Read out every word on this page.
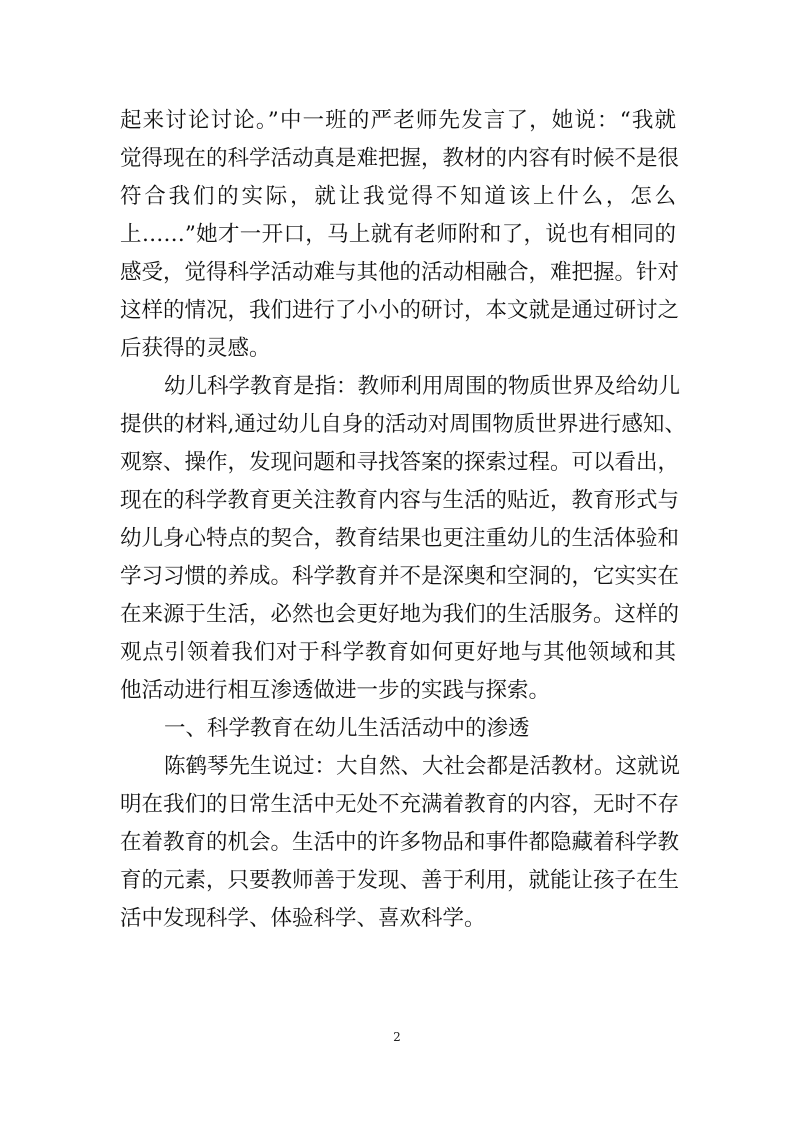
起来讨论讨论。”中一班的严老师先发言了，她说：“我就
觉得现在的科学活动真是难把握，教材的内容有时候不是很
符合我们的实际，就让我觉得不知道该上什么，怎么
上……”她才一开口，马上就有老师附和了，说也有相同的
感受，觉得科学活动难与其他的活动相融合，难把握。针对
这样的情况，我们进行了小小的研讨，本文就是通过研讨之
后获得的灵感。
幼儿科学教育是指：教师利用周围的物质世界及给幼儿
提供的材料,通过幼儿自身的活动对周围物质世界进行感知、
观察、操作，发现问题和寻找答案的探索过程。可以看出，
现在的科学教育更关注教育内容与生活的贴近，教育形式与
幼儿身心特点的契合，教育结果也更注重幼儿的生活体验和
学习习惯的养成。科学教育并不是深奥和空洞的，它实实在
在来源于生活，必然也会更好地为我们的生活服务。这样的
观点引领着我们对于科学教育如何更好地与其他领域和其
他活动进行相互渗透做进一步的实践与探索。
一、科学教育在幼儿生活活动中的渗透
陈鹤琴先生说过：大自然、大社会都是活教材。这就说
明在我们的日常生活中无处不充满着教育的内容，无时不存
在着教育的机会。生活中的许多物品和事件都隐藏着科学教
育的元素，只要教师善于发现、善于利用，就能让孩子在生
活中发现科学、体验科学、喜欢科学。
2
